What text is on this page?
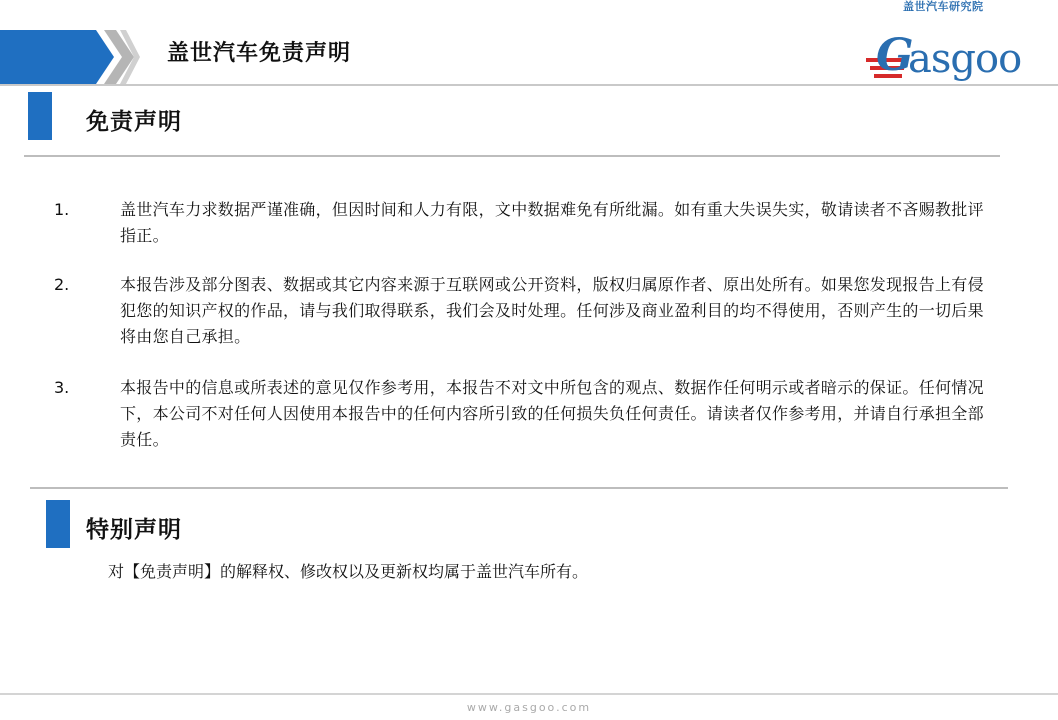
盖世汽车免责声明	G
asgoo
盖世汽车研究院
免责声明
1.	盖世汽车力求数据严谨准确，但因时间和人力有限，文中数据难免有所纰漏。如有重大失误失实，敬请读者不吝赐教批评指正。
2.	本报告涉及部分图表、数据或其它内容来源于互联网或公开资料，版权归属原作者、原出处所有。如果您发现报告上有侵犯您的知识产权的作品，请与我们取得联系，我们会及时处理。任何涉及商业盈利目的均不得使用，否则产生的一切后果将由您自己承担。
3.	本报告中的信息或所表述的意见仅作参考用，本报告不对文中所包含的观点、数据作任何明示或者暗示的保证。任何情况下，本公司不对任何人因使用本报告中的任何内容所引致的任何损失负任何责任。请读者仅作参考用，并请自行承担全部责任。
特别声明
对【免责声明】的解释权、修改权以及更新权均属于盖世汽车所有。
www.gasgoo.com
